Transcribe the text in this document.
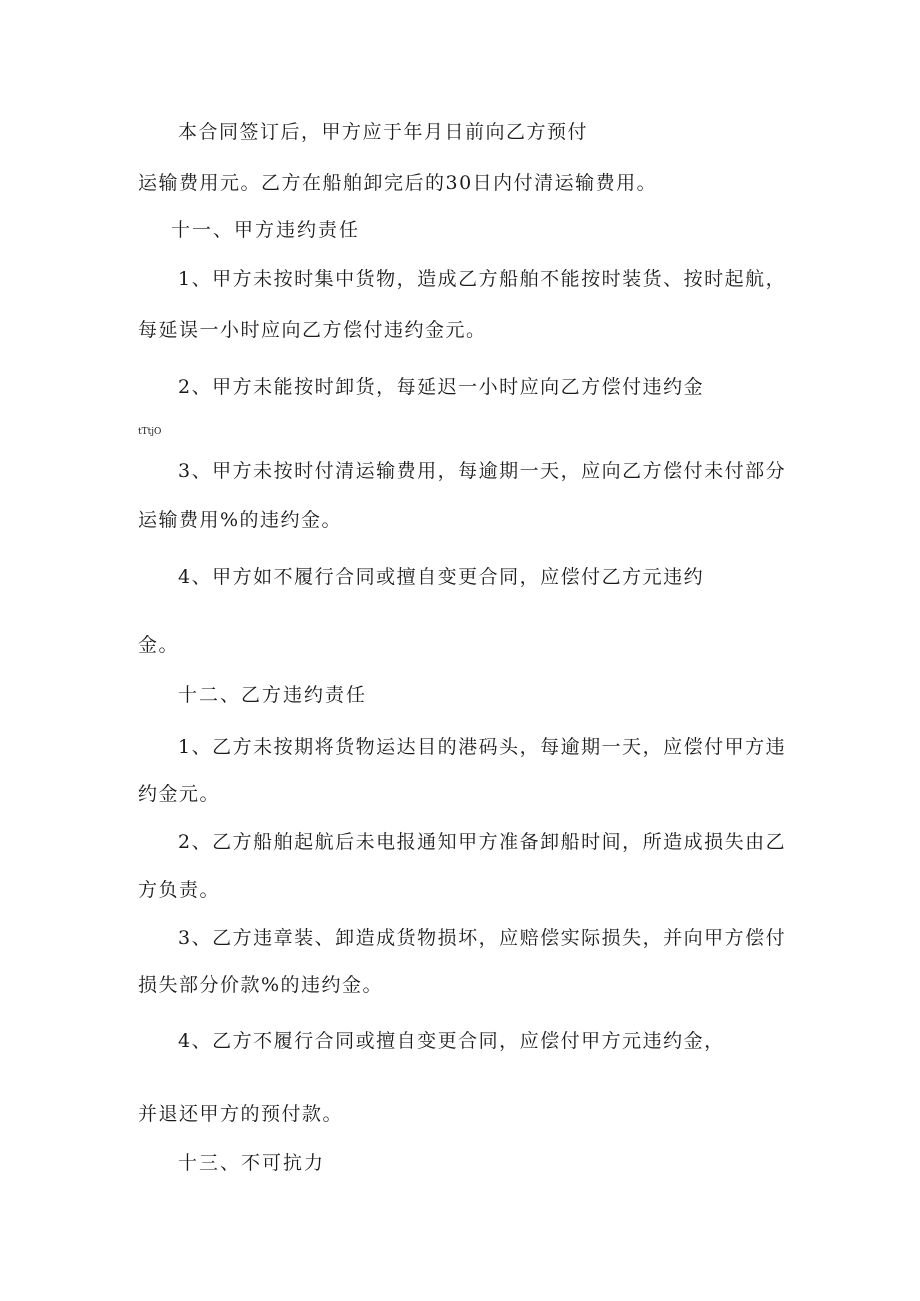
本合同签订后，甲方应于年月日前向乙方预付
运输费用元。乙方在船舶卸完后的30日内付清运输费用。
十一、甲方违约责任
1、甲方未按时集中货物，造成乙方船舶不能按时装货、按时起航，
每延误一小时应向乙方偿付违约金元。
2、甲方未能按时卸货，每延迟一小时应向乙方偿付违约金
tTtjO
3、甲方未按时付清运输费用，每逾期一天，应向乙方偿付未付部分
运输费用%的违约金。
4、甲方如不履行合同或擅自变更合同，应偿付乙方元违约
金。
十二、乙方违约责任
1、乙方未按期将货物运达目的港码头，每逾期一天，应偿付甲方违
约金元。
2、乙方船舶起航后未电报通知甲方准备卸船时间，所造成损失由乙
方负责。
3、乙方违章装、卸造成货物损坏，应赔偿实际损失，并向甲方偿付
损失部分价款%的违约金。
4、乙方不履行合同或擅自变更合同，应偿付甲方元违约金，
并退还甲方的预付款。
十三、不可抗力
